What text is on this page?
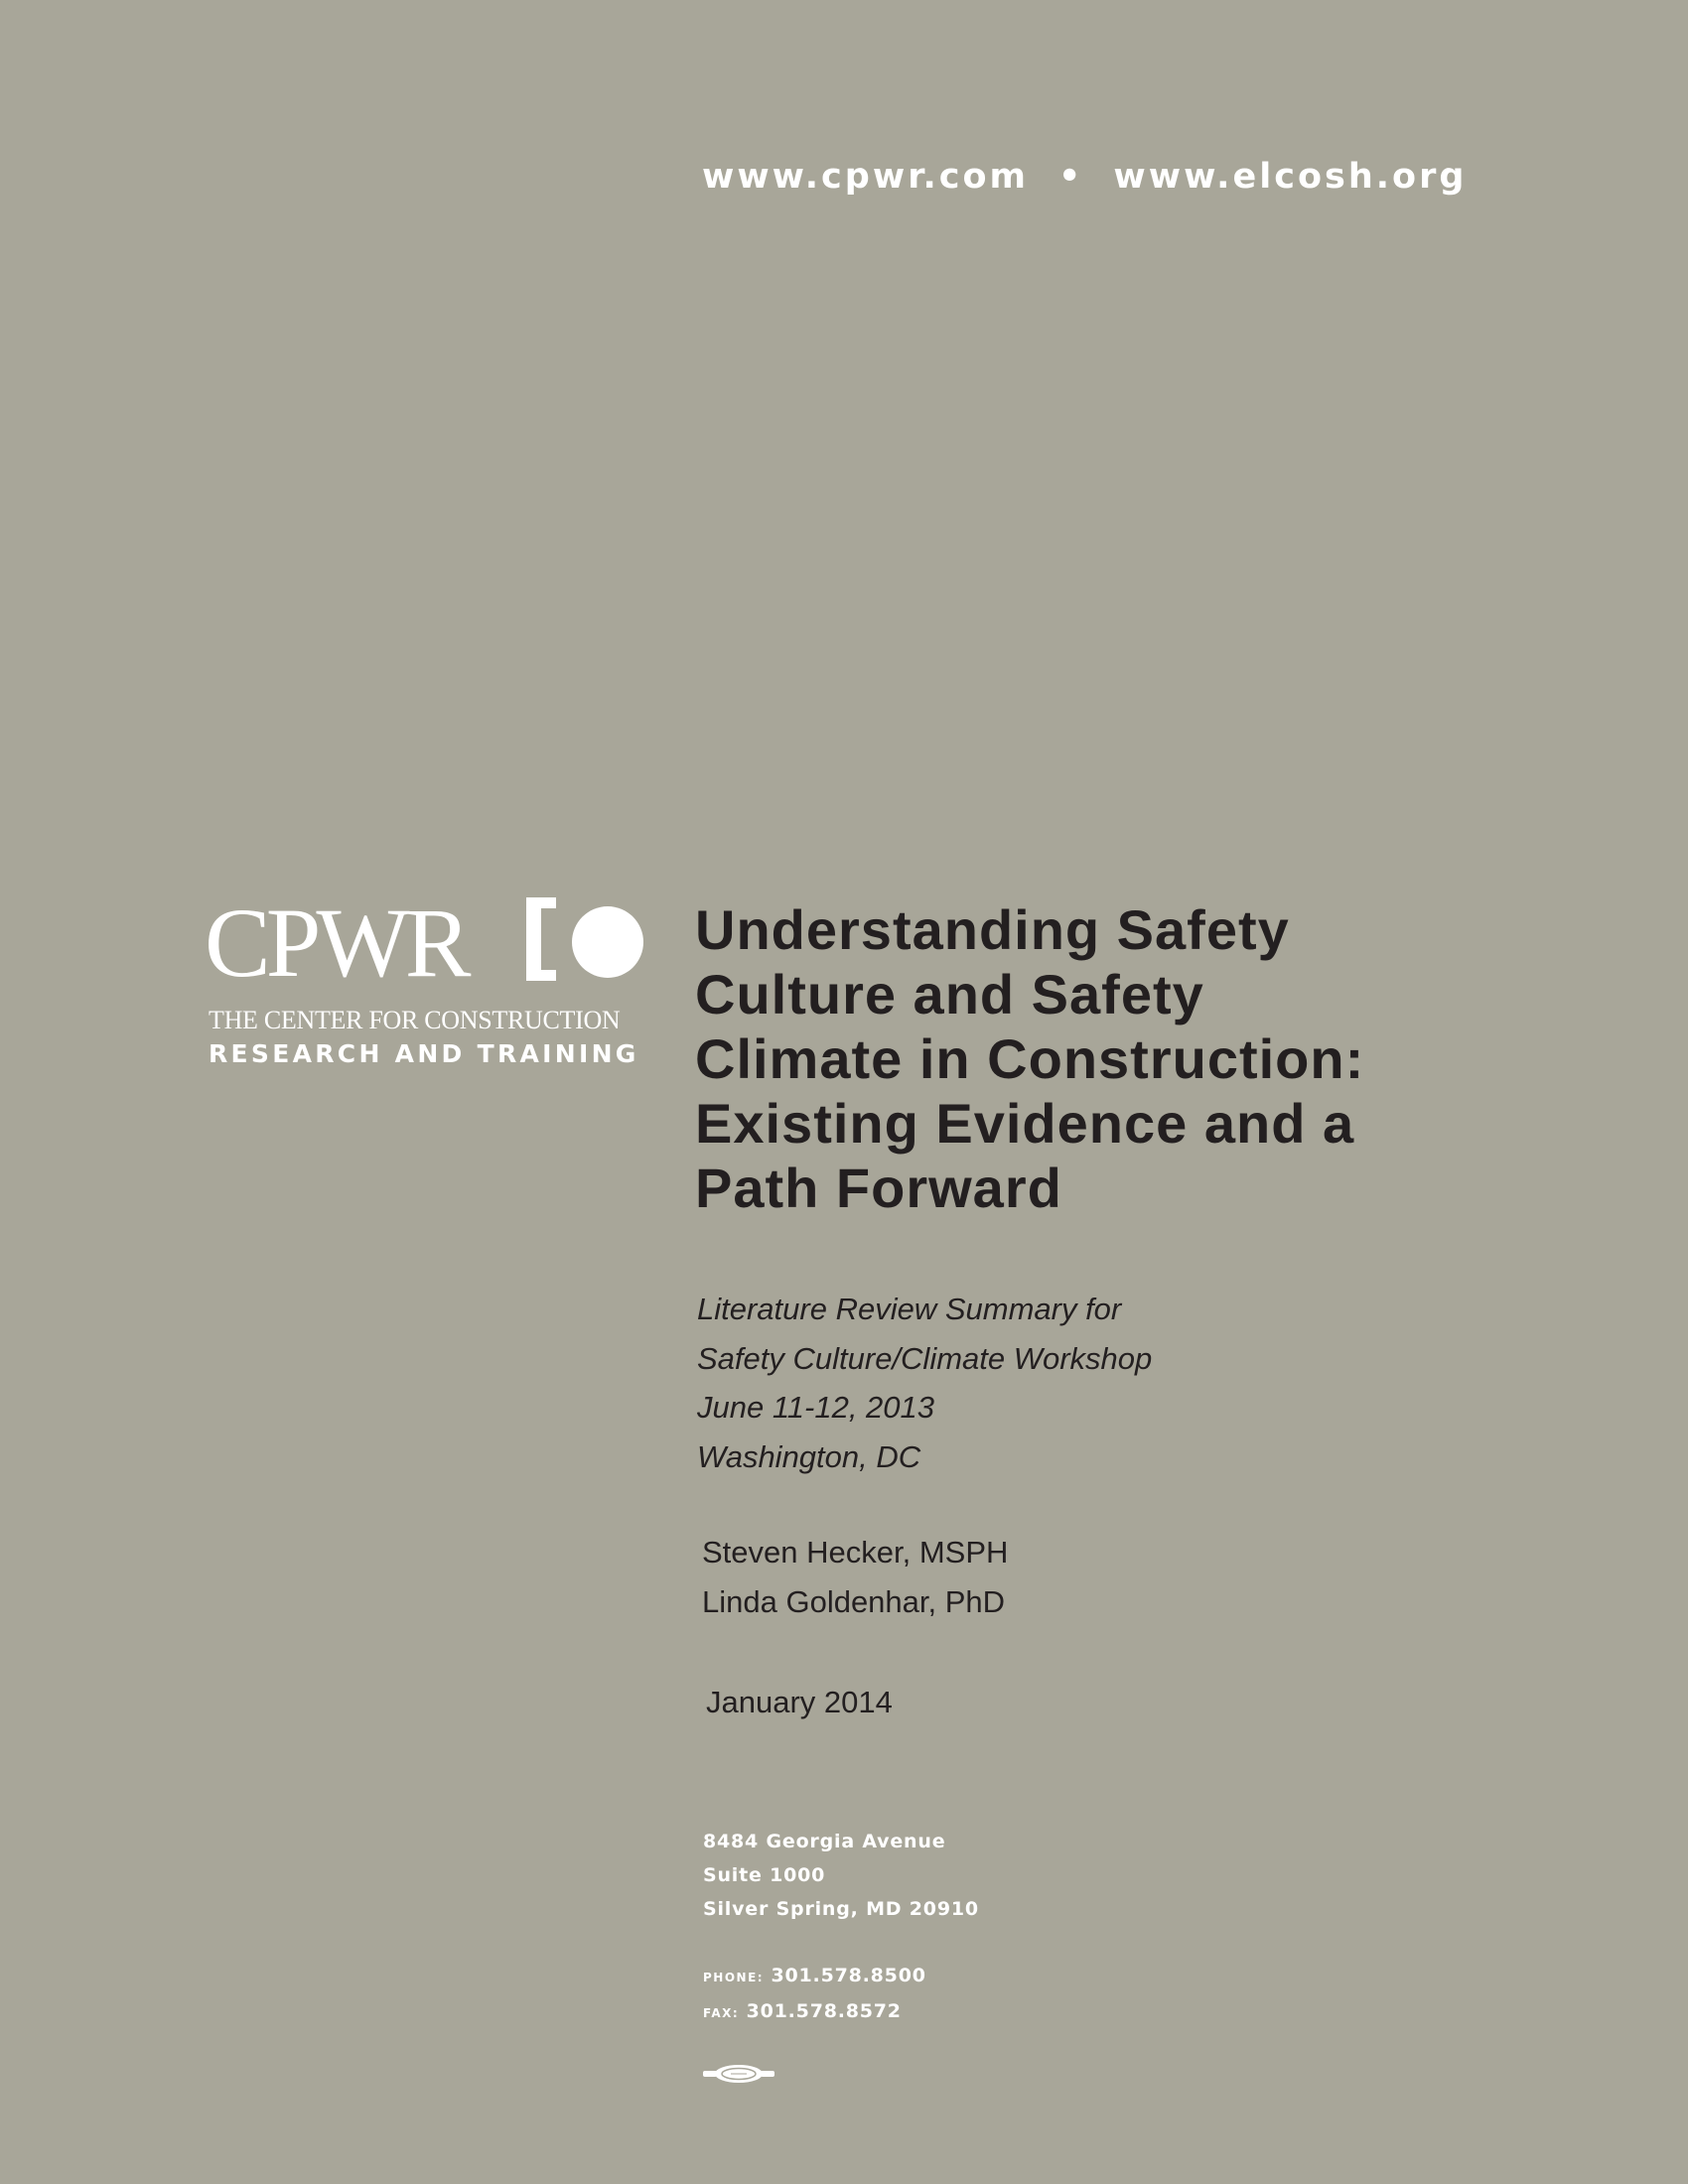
www.cpwr.com • www.elcosh.org
CPWR
THE CENTER FOR CONSTRUCTION
RESEARCH AND TRAINING
Understanding Safety
Culture and Safety
Climate in Construction:
Existing Evidence and a
Path Forward
Literature Review Summary for
Safety Culture/Climate Workshop
June 11-12, 2013
Washington, DC
Steven Hecker, MSPH
Linda Goldenhar, PhD
January 2014
8484 Georgia Avenue
Suite 1000
Silver Spring, MD 20910
PHONE: 301.578.8500
FAX: 301.578.8572
